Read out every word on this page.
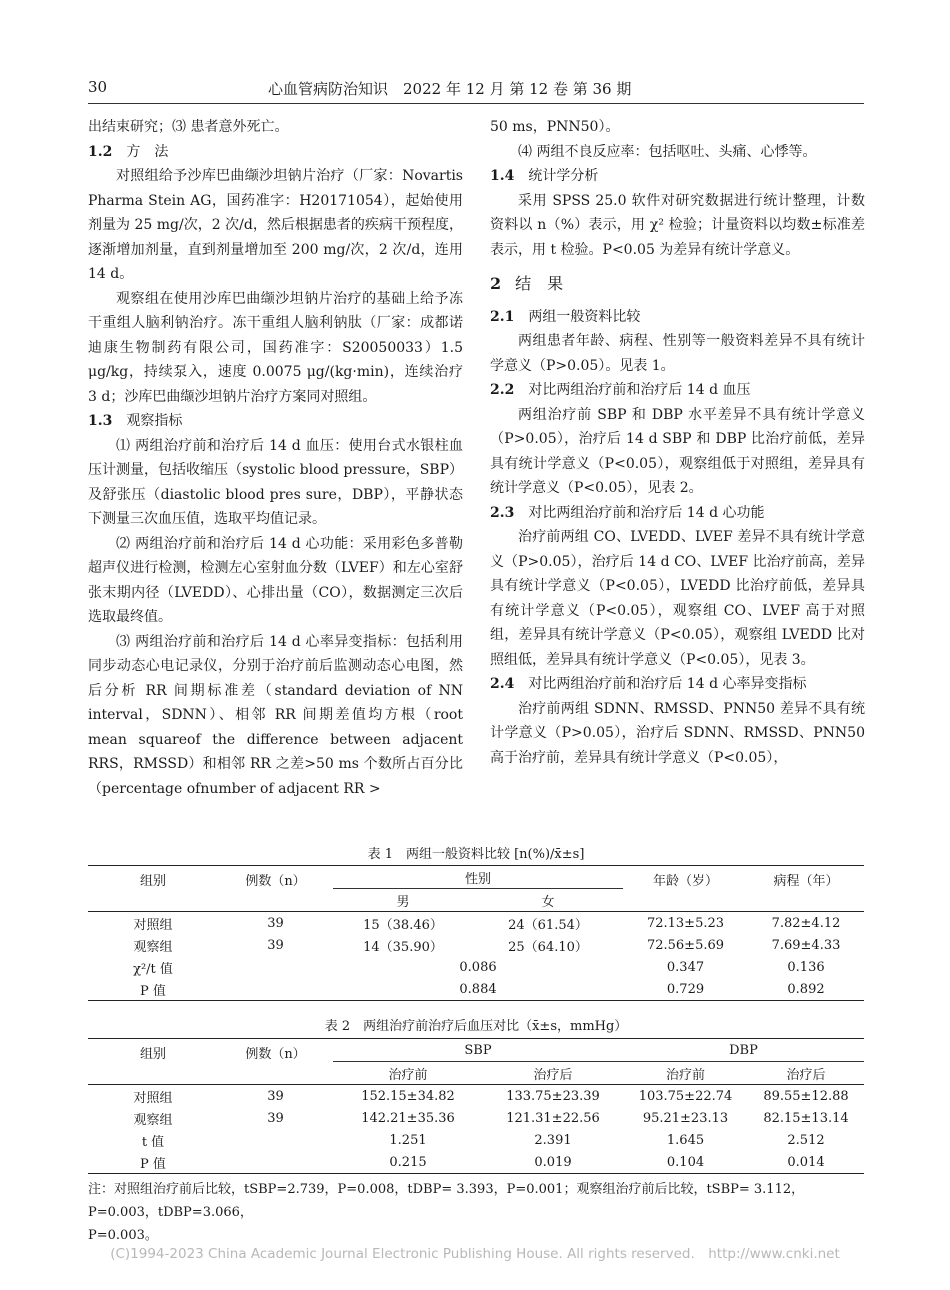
30	心血管病防治知识　2022 年 12 月 第 12 卷 第 36 期

出结束研究；⑶ 患者意外死亡。

1.2 方　法

对照组给予沙库巴曲缬沙坦钠片治疗（厂家：Novartis Pharma Stein AG，国药准字：H20171054），起始使用剂量为 25 mg/次，2 次/d，然后根据患者的疾病干预程度，逐渐增加剂量，直到剂量增加至 200 mg/次，2 次/d，连用 14 d。

观察组在使用沙库巴曲缬沙坦钠片治疗的基础上给予冻干重组人脑利钠治疗。冻干重组人脑利钠肽（厂家：成都诺迪康生物制药有限公司，国药准字：S20050033）1.5 μg/kg，持续泵入，速度 0.0075 μg/(kg·min)，连续治疗 3 d；沙库巴曲缬沙坦钠片治疗方案同对照组。

1.3 观察指标

⑴ 两组治疗前和治疗后 14 d 血压：使用台式水银柱血压计测量，包括收缩压（systolic blood pressure，SBP）及舒张压（diastolic blood pres sure，DBP），平静状态下测量三次血压值，选取平均值记录。

⑵ 两组治疗前和治疗后 14 d 心功能：采用彩色多普勒超声仪进行检测，检测左心室射血分数（LVEF）和左心室舒张末期内径（LVEDD）、心排出量（CO），数据测定三次后选取最终值。

⑶ 两组治疗前和治疗后 14 d 心率异变指标：包括利用同步动态心电记录仪，分别于治疗前后监测动态心电图，然后分析 RR 间期标准差（standard deviation of NN interval，SDNN）、相邻 RR 间期差值均方根（root mean squareof the difference between adjacent RRS，RMSSD）和相邻 RR 之差>50 ms 个数所占百分比（percentage ofnumber of adjacent RR >

50 ms，PNN50）。

⑷ 两组不良反应率：包括呕吐、头痛、心悸等。

1.4 统计学分析

采用 SPSS 25.0 软件对研究数据进行统计整理，计数资料以 n（%）表示，用 χ² 检验；计量资料以均数±标准差表示，用 t 检验。P<0.05 为差异有统计学意义。

2 结　果

2.1 两组一般资料比较

两组患者年龄、病程、性别等一般资料差异不具有统计学意义（P>0.05）。见表 1。

2.2 对比两组治疗前和治疗后 14 d 血压

两组治疗前 SBP 和 DBP 水平差异不具有统计学意义（P>0.05），治疗后 14 d SBP 和 DBP 比治疗前低，差异具有统计学意义（P<0.05），观察组低于对照组，差异具有统计学意义（P<0.05），见表 2。

2.3 对比两组治疗前和治疗后 14 d 心功能

治疗前两组 CO、LVEDD、LVEF 差异不具有统计学意义（P>0.05），治疗后 14 d CO、LVEF 比治疗前高，差异具有统计学意义（P<0.05），LVEDD 比治疗前低，差异具有统计学意义（P<0.05），观察组 CO、LVEF 高于对照组，差异具有统计学意义（P<0.05），观察组 LVEDD 比对照组低，差异具有统计学意义（P<0.05），见表 3。

2.4 对比两组治疗前和治疗后 14 d 心率异变指标

治疗前两组 SDNN、RMSSD、PNN50 差异不具有统计学意义（P>0.05），治疗后 SDNN、RMSSD、PNN50 高于治疗前，差异具有统计学意义（P<0.05），

表 1　两组一般资料比较 [n(%)/x̄±s]
组别	例数（n）	性别		年龄（岁）	病程（年）
		男	女		
对照组	39	15（38.46）	24（61.54）	72.13±5.23	7.82±4.12
观察组	39	14（35.90）	25（64.10）	72.56±5.69	7.69±4.33
χ²/t 值		0.086		0.347	0.136
P 值		0.884		0.729	0.892
表 2　两组治疗前治疗后血压对比（x̄±s，mmHg）
组别	例数（n）	SBP		DBP	
		治疗前	治疗后	治疗前	治疗后
对照组	39	152.15±34.82	133.75±23.39	103.75±22.74	89.55±12.88
观察组	39	142.21±35.36	121.31±22.56	95.21±23.13	82.15±13.14
t 值		1.251	2.391	1.645	2.512
P 值		0.215	0.019	0.104	0.014
注：对照组治疗前后比较，tSBP=2.739，P=0.008，tDBP= 3.393，P=0.001；观察组治疗前后比较，tSBP= 3.112，P=0.003，tDBP=3.066，
P=0.003。
(C)1994-2023 China Academic Journal Electronic Publishing House. All rights reserved.　http://www.cnki.net
